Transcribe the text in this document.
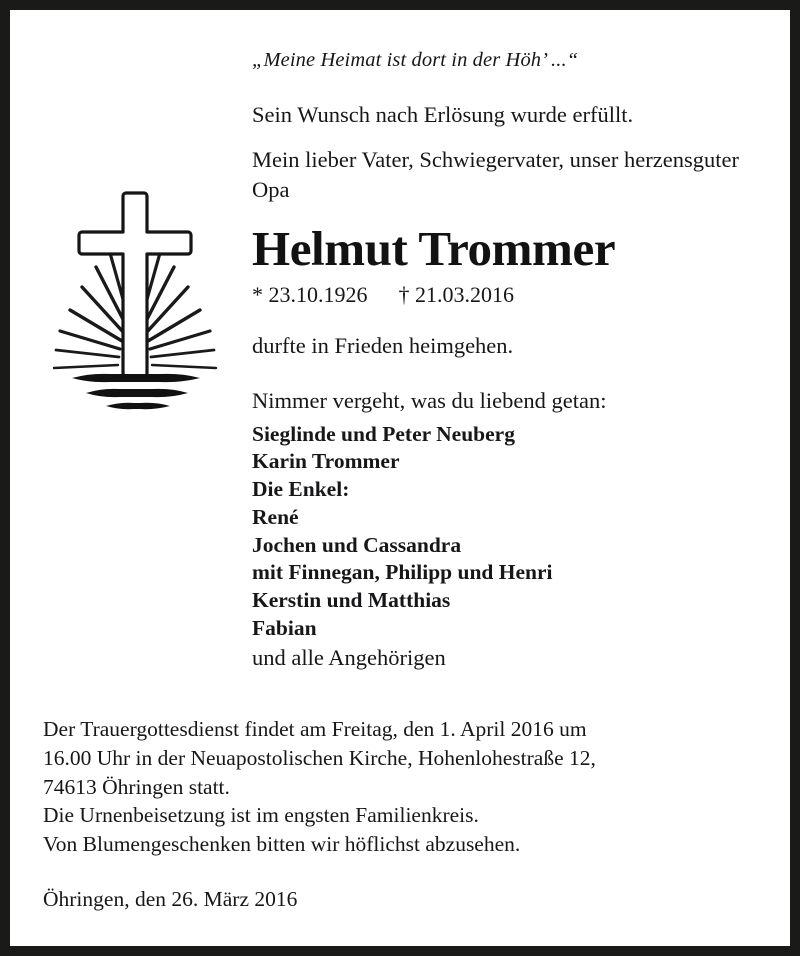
„Meine Heimat ist dort in der Höh’ ...“
Sein Wunsch nach Erlösung wurde erfüllt.
Mein lieber Vater, Schwiegervater, unser herzensguter Opa
Helmut Trommer
* 23.10.1926 † 21.03.2016
durfte in Frieden heimgehen.
Nimmer vergeht, was du liebend getan:
Sieglinde und Peter Neuberg
Karin Trommer
Die Enkel:
René
Jochen und Cassandra
mit Finnegan, Philipp und Henri
Kerstin und Matthias
Fabian
und alle Angehörigen

Der Trauergottesdienst findet am Freitag, den 1. April 2016 um

16.00 Uhr in der Neuapostolischen Kirche, Hohenlohestraße 12,

74613 Öhringen statt.

Die Urnenbeisetzung ist im engsten Familienkreis.

Von Blumengeschenken bitten wir höflichst abzusehen.

Öhringen, den 26. März 2016
